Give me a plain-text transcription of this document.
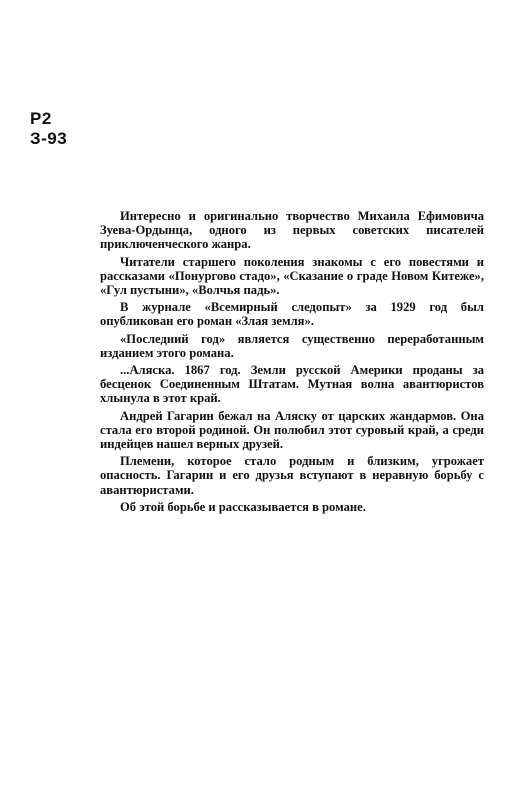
Р2
З-93

Интересно и оригинально творчество Михаила Ефимовича Зуева-Ордынца, одного из первых советских писателей приключенческого жанра.

Читатели старшего поколения знакомы с его повестями и рассказами «Понургово стадо», «Сказание о граде Новом Китеже», «Гул пустыни», «Волчья падь».

В журнале «Всемирный следопыт» за 1929 год был опубликован его роман «Злая земля».

«Последний год» является существенно переработанным изданием этого романа.

...Аляска. 1867 год. Земли русской Америки проданы за бесценок Соединенным Штатам. Мутная волна авантюристов хлынула в этот край.

Андрей Гагарин бежал на Аляску от царских жандармов. Она стала его второй родиной. Он полюбил этот суровый край, а среди индейцев нашел верных друзей.

Племени, которое стало родным и близким, угрожает опасность. Гагарин и его друзья вступают в неравную борьбу с авантюристами.

Об этой борьбе и рассказывается в романе.
